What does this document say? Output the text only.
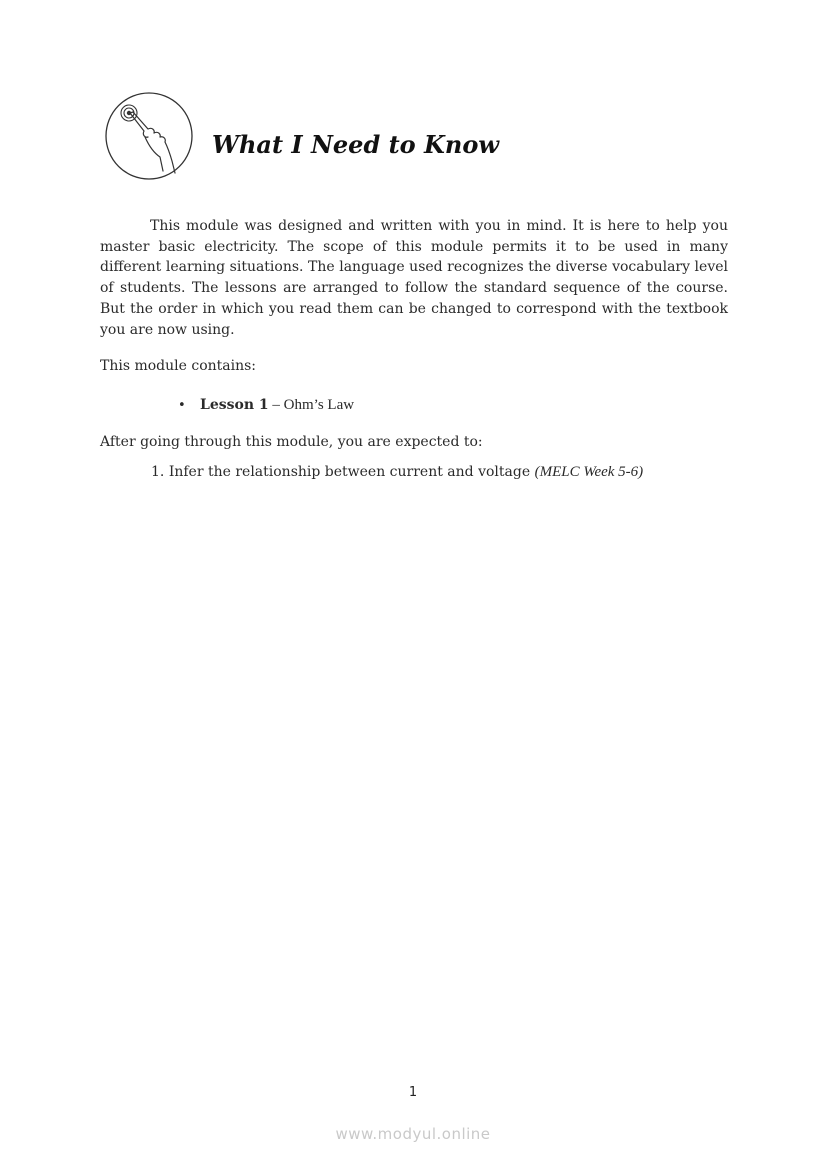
What I Need to Know
This module was designed and written with you in mind. It is here to help you master basic electricity. The scope of this module permits it to be used in many different learning situations. The language used recognizes the diverse vocabulary level of students. The lessons are arranged to follow the standard sequence of the course. But the order in which you read them can be changed to correspond with the textbook you are now using.
This module contains:
• Lesson 1 – Ohm’s Law
After going through this module, you are expected to:
1. Infer the relationship between current and voltage (MELC Week 5-6)
1
www.modyul.online
